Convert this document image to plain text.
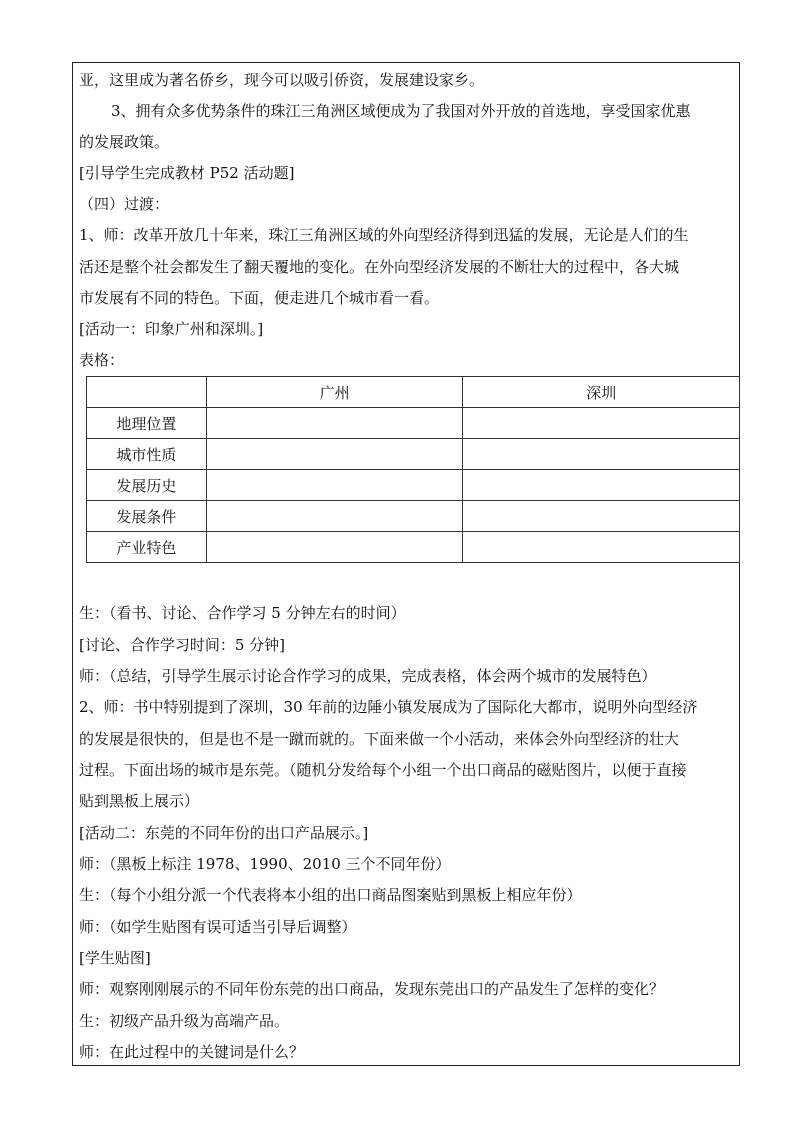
亚，这里成为著名侨乡，现今可以吸引侨资，发展建设家乡。
3、拥有众多优势条件的珠江三角洲区域便成为了我国对外开放的首选地，享受国家优惠
的发展政策。
[引导学生完成教材 P52 活动题]
（四）过渡：
1、师：改革开放几十年来，珠江三角洲区域的外向型经济得到迅猛的发展，无论是人们的生
活还是整个社会都发生了翻天覆地的变化。在外向型经济发展的不断壮大的过程中，各大城
市发展有不同的特色。下面，便走进几个城市看一看。
[活动一：印象广州和深圳。]
表格：
	广州	深圳
地理位置		
城市性质		
发展历史		
发展条件		
产业特色		
生：（看书、讨论、合作学习 5 分钟左右的时间）
[讨论、合作学习时间：5 分钟]
师：（总结，引导学生展示讨论合作学习的成果，完成表格，体会两个城市的发展特色）
2、师：书中特别提到了深圳，30 年前的边陲小镇发展成为了国际化大都市，说明外向型经济
的发展是很快的，但是也不是一蹴而就的。下面来做一个小活动，来体会外向型经济的壮大
过程。下面出场的城市是东莞。（随机分发给每个小组一个出口商品的磁贴图片，以便于直接
贴到黑板上展示）
[活动二：东莞的不同年份的出口产品展示。]
师：（黑板上标注 1978、1990、2010 三个不同年份）
生：（每个小组分派一个代表将本小组的出口商品图案贴到黑板上相应年份）
师：（如学生贴图有误可适当引导后调整）
[学生贴图]
师：观察刚刚展示的不同年份东莞的出口商品，发现东莞出口的产品发生了怎样的变化？
生：初级产品升级为高端产品。
师：在此过程中的关键词是什么？
